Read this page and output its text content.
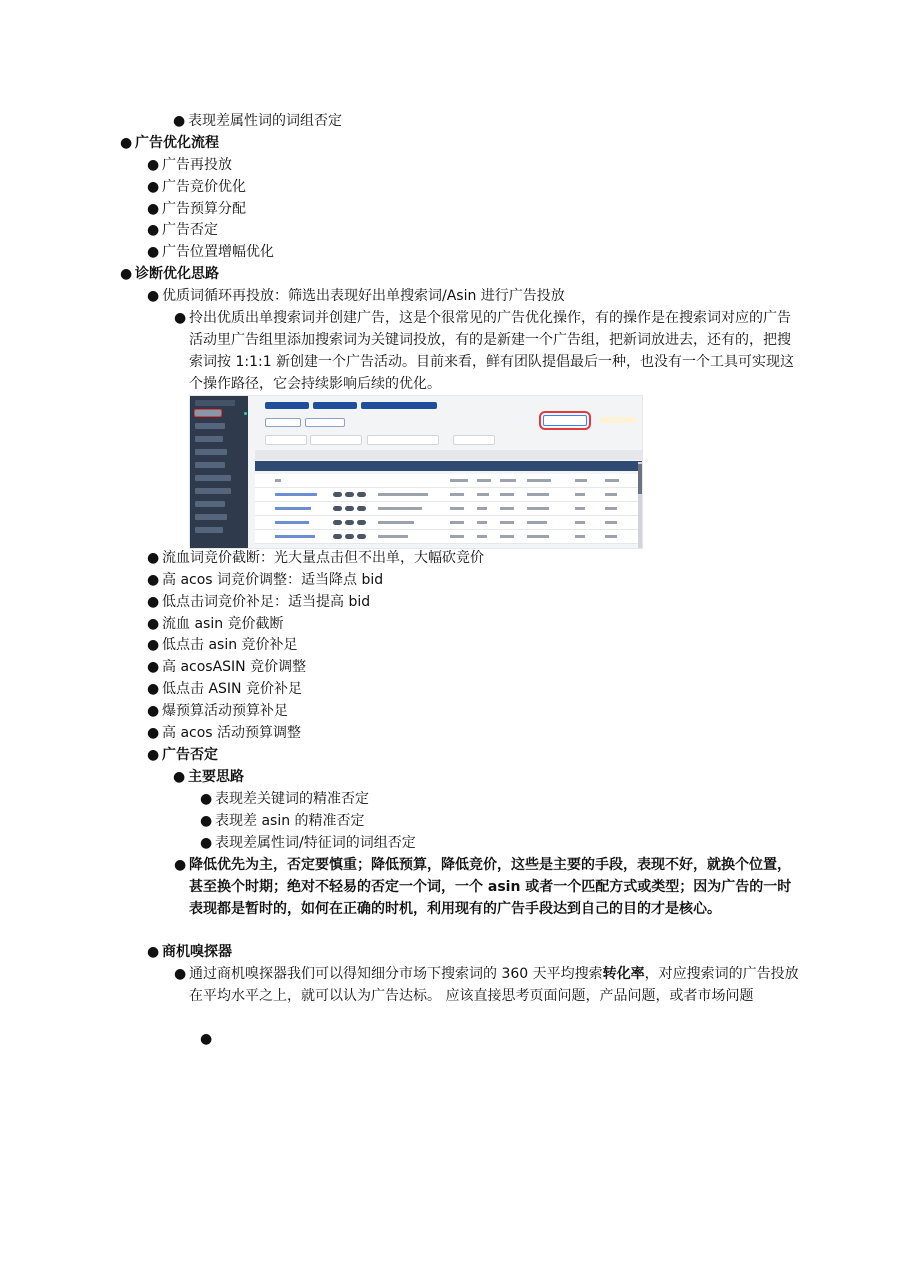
● 表现差属性词的词组否定
● 广告优化流程
● 广告再投放
● 广告竞价优化
● 广告预算分配
● 广告否定
● 广告位置增幅优化
● 诊断优化思路
● 优质词循环再投放：筛选出表现好出单搜索词/Asin 进行广告投放
● 拎出优质出单搜索词并创建广告，这是个很常见的广告优化操作，有的操作是在搜索词对应的广告活动里广告组里添加搜索词为关键词投放，有的是新建一个广告组，把新词放进去，还有的，把搜索词按 1:1:1 新创建一个广告活动。目前来看，鲜有团队提倡最后一种，也没有一个工具可实现这个操作路径，它会持续影响后续的优化。
● 流血词竞价截断：光大量点击但不出单，大幅砍竞价
● 高 acos 词竞价调整：适当降点 bid
● 低点击词竞价补足：适当提高 bid
● 流血 asin 竞价截断
● 低点击 asin 竞价补足
● 高 acosASIN 竞价调整
● 低点击 ASIN 竞价补足
● 爆预算活动预算补足
● 高 acos 活动预算调整
● 广告否定
● 主要思路
● 表现差关键词的精准否定
● 表现差 asin 的精准否定
● 表现差属性词/特征词的词组否定
● 降低优先为主，否定要慎重；降低预算，降低竞价，这些是主要的手段，表现不好，就换个位置，甚至换个时期；绝对不轻易的否定一个词，一个 asin 或者一个匹配方式或类型；因为广告的一时表现都是暂时的，如何在正确的时机，利用现有的广告手段达到自己的目的才是核心。
● 商机嗅探器
● 通过商机嗅探器我们可以得知细分市场下搜索词的 360 天平均搜索转化率，对应搜索词的广告投放在平均水平之上，就可以认为广告达标。 应该直接思考页面问题，产品问题，或者市场问题
●
